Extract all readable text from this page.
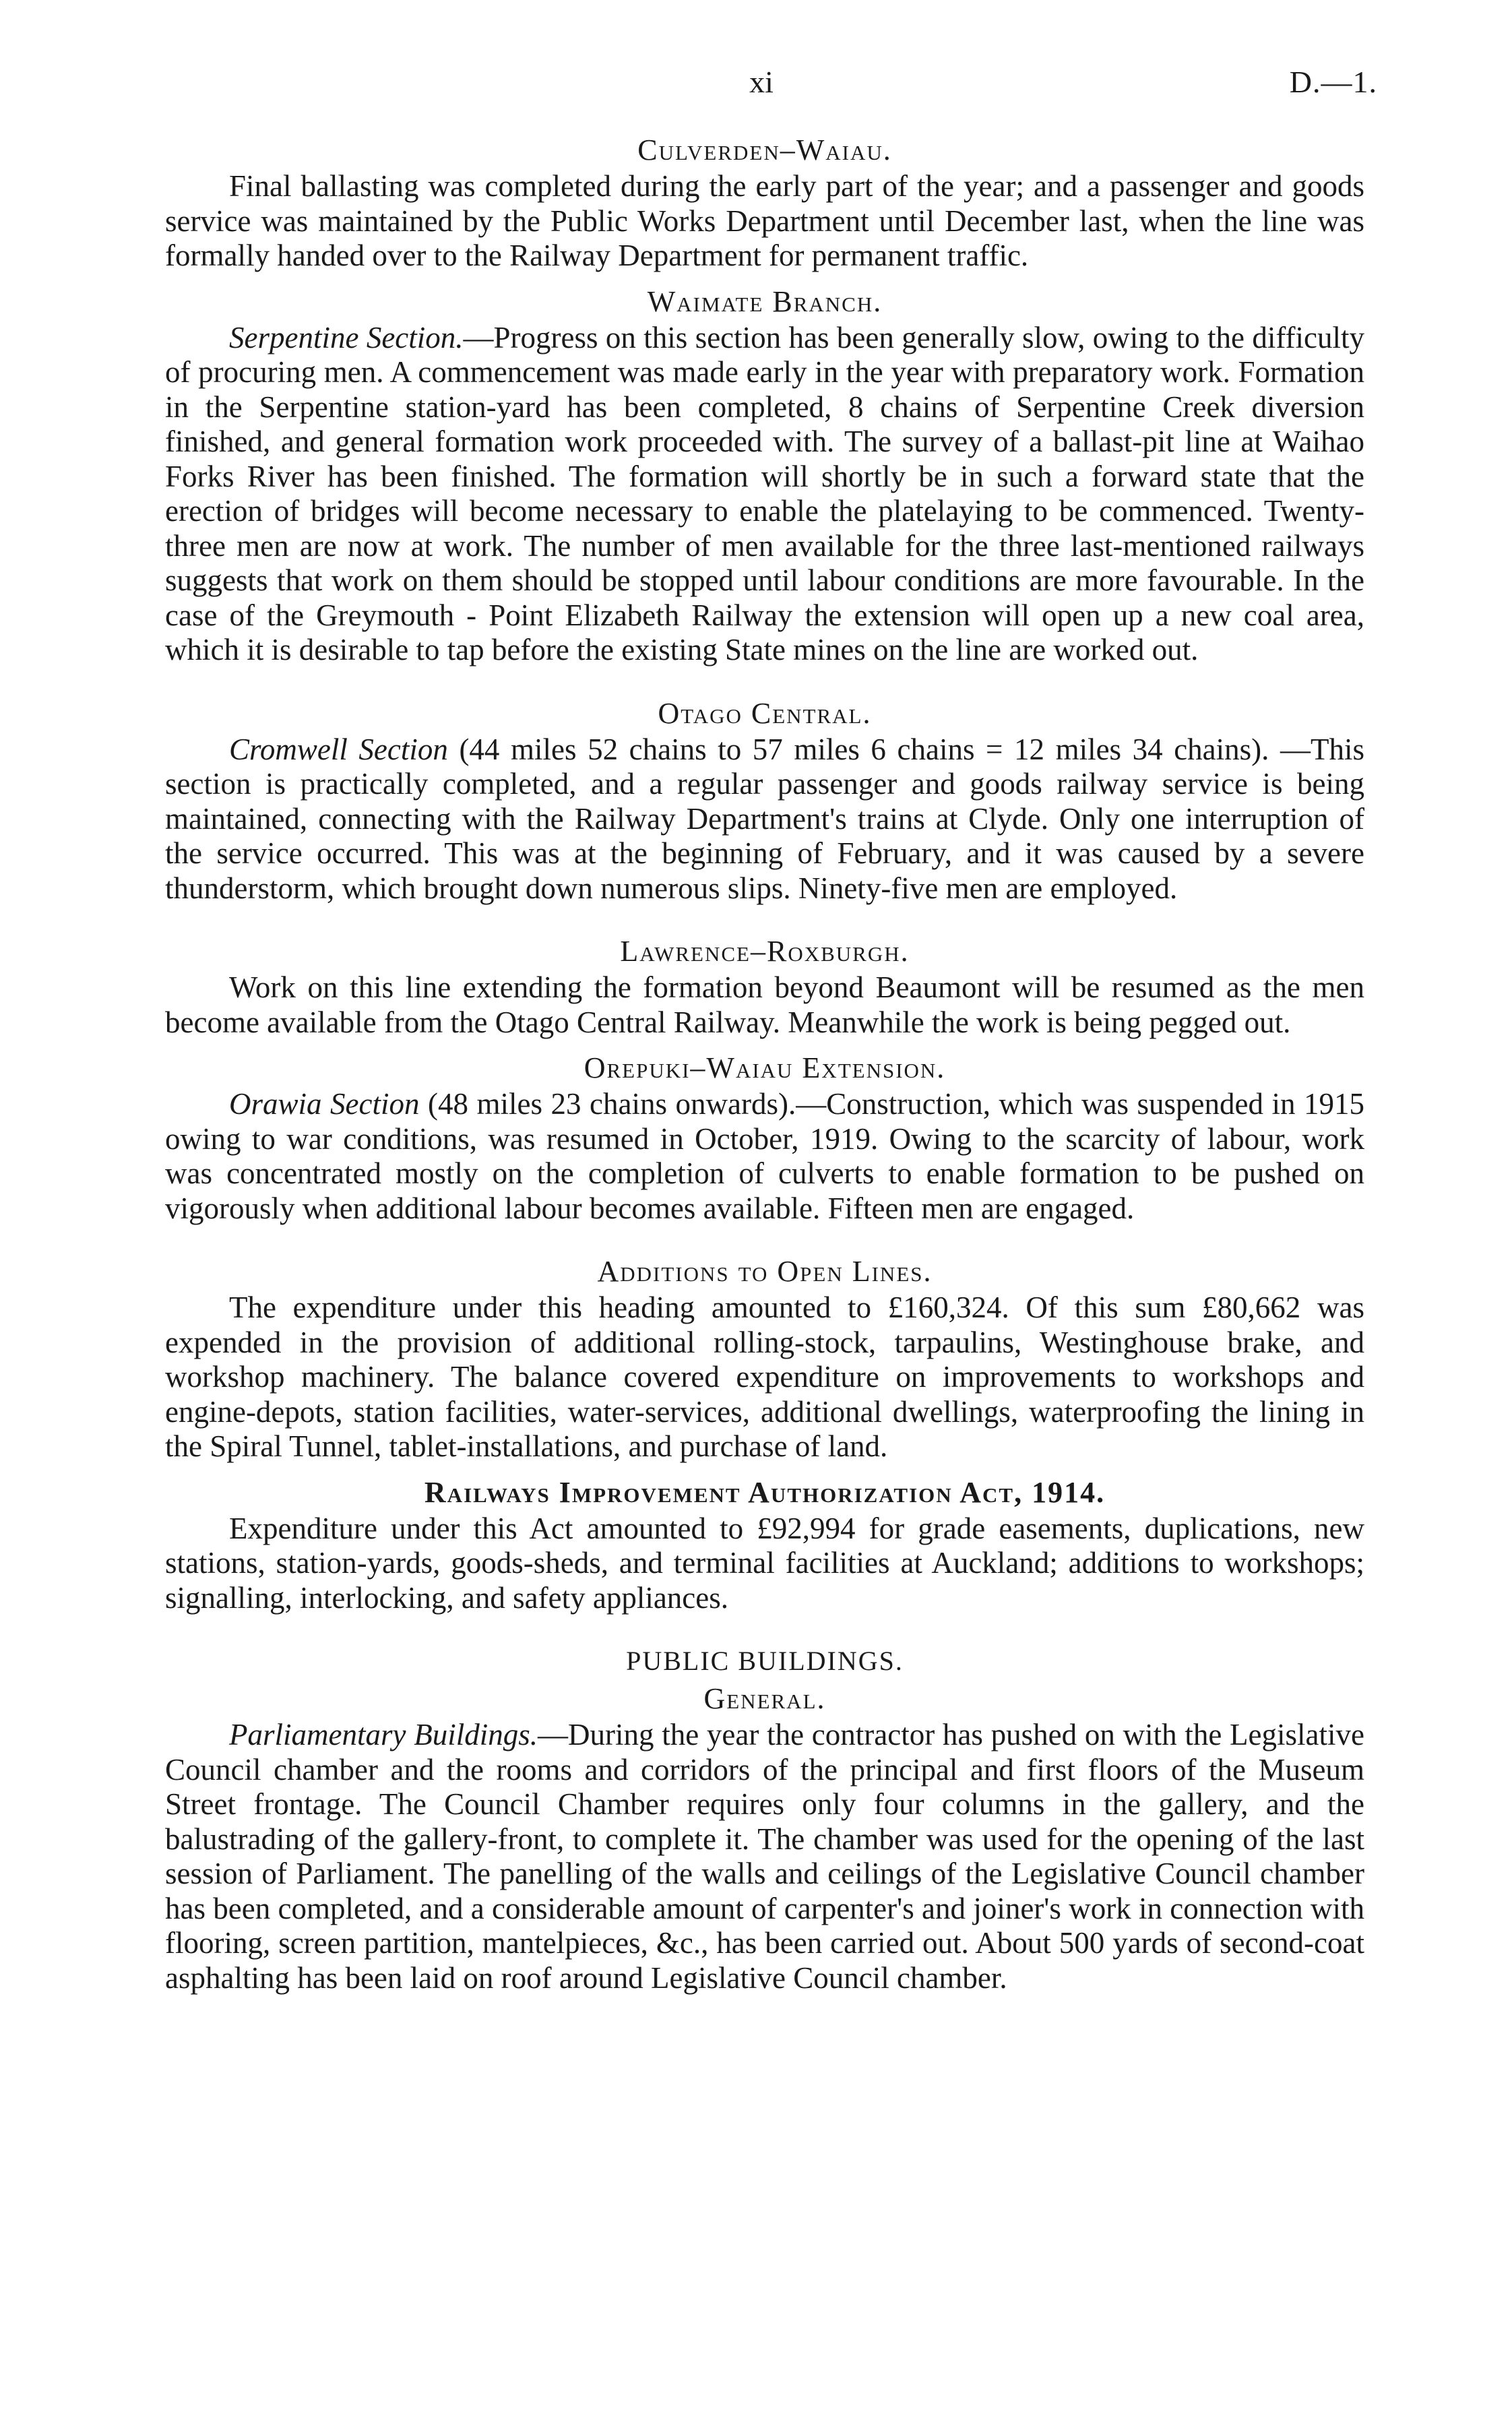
xi	D.—1.
Culverden–Waiau.

Final ballasting was completed during the early part of the year; and a passenger and goods service was maintained by the Public Works Department until December last, when the line was formally handed over to the Railway Department for permanent traffic.

Waimate Branch.

Serpentine Section.—Progress on this section has been generally slow, owing to the difficulty of procuring men. A commencement was made early in the year with preparatory work. Formation in the Serpentine station-yard has been completed, 8 chains of Serpentine Creek diversion finished, and general formation work proceeded with. The survey of a ballast-pit line at Waihao Forks River has been finished. The formation will shortly be in such a forward state that the erection of bridges will become necessary to enable the platelaying to be commenced. Twenty-three men are now at work. The number of men available for the three last-mentioned railways suggests that work on them should be stopped until labour conditions are more favourable. In the case of the Greymouth - Point Elizabeth Railway the extension will open up a new coal area, which it is desirable to tap before the existing State mines on the line are worked out.

Otago Central.

Cromwell Section (44 miles 52 chains to 57 miles 6 chains = 12 miles 34 chains). —This section is practically completed, and a regular passenger and goods railway service is being maintained, connecting with the Railway Department's trains at Clyde. Only one interruption of the service occurred. This was at the beginning of February, and it was caused by a severe thunderstorm, which brought down numerous slips. Ninety-five men are employed.

Lawrence–Roxburgh.

Work on this line extending the formation beyond Beaumont will be resumed as the men become available from the Otago Central Railway. Meanwhile the work is being pegged out.

Orepuki–Waiau Extension.

Orawia Section (48 miles 23 chains onwards).—Construction, which was suspended in 1915 owing to war conditions, was resumed in October, 1919. Owing to the scarcity of labour, work was concentrated mostly on the completion of culverts to enable formation to be pushed on vigorously when additional labour becomes available. Fifteen men are engaged.

Additions to Open Lines.

The expenditure under this heading amounted to £160,324. Of this sum £80,662 was expended in the provision of additional rolling-stock, tarpaulins, Westinghouse brake, and workshop machinery. The balance covered expenditure on improvements to workshops and engine-depots, station facilities, water-services, additional dwellings, waterproofing the lining in the Spiral Tunnel, tablet-installations, and purchase of land.

Railways Improvement Authorization Act, 1914.

Expenditure under this Act amounted to £92,994 for grade easements, duplications, new stations, station-yards, goods-sheds, and terminal facilities at Auckland; additions to workshops; signalling, interlocking, and safety appliances.

PUBLIC BUILDINGS.
General.

Parliamentary Buildings.—During the year the contractor has pushed on with the Legislative Council chamber and the rooms and corridors of the principal and first floors of the Museum Street frontage. The Council Chamber requires only four columns in the gallery, and the balustrading of the gallery-front, to complete it. The chamber was used for the opening of the last session of Parliament. The panelling of the walls and ceilings of the Legislative Council chamber has been completed, and a considerable amount of carpenter's and joiner's work in connection with flooring, screen partition, mantelpieces, &c., has been carried out. About 500 yards of second-coat asphalting has been laid on roof around Legislative Council chamber.
